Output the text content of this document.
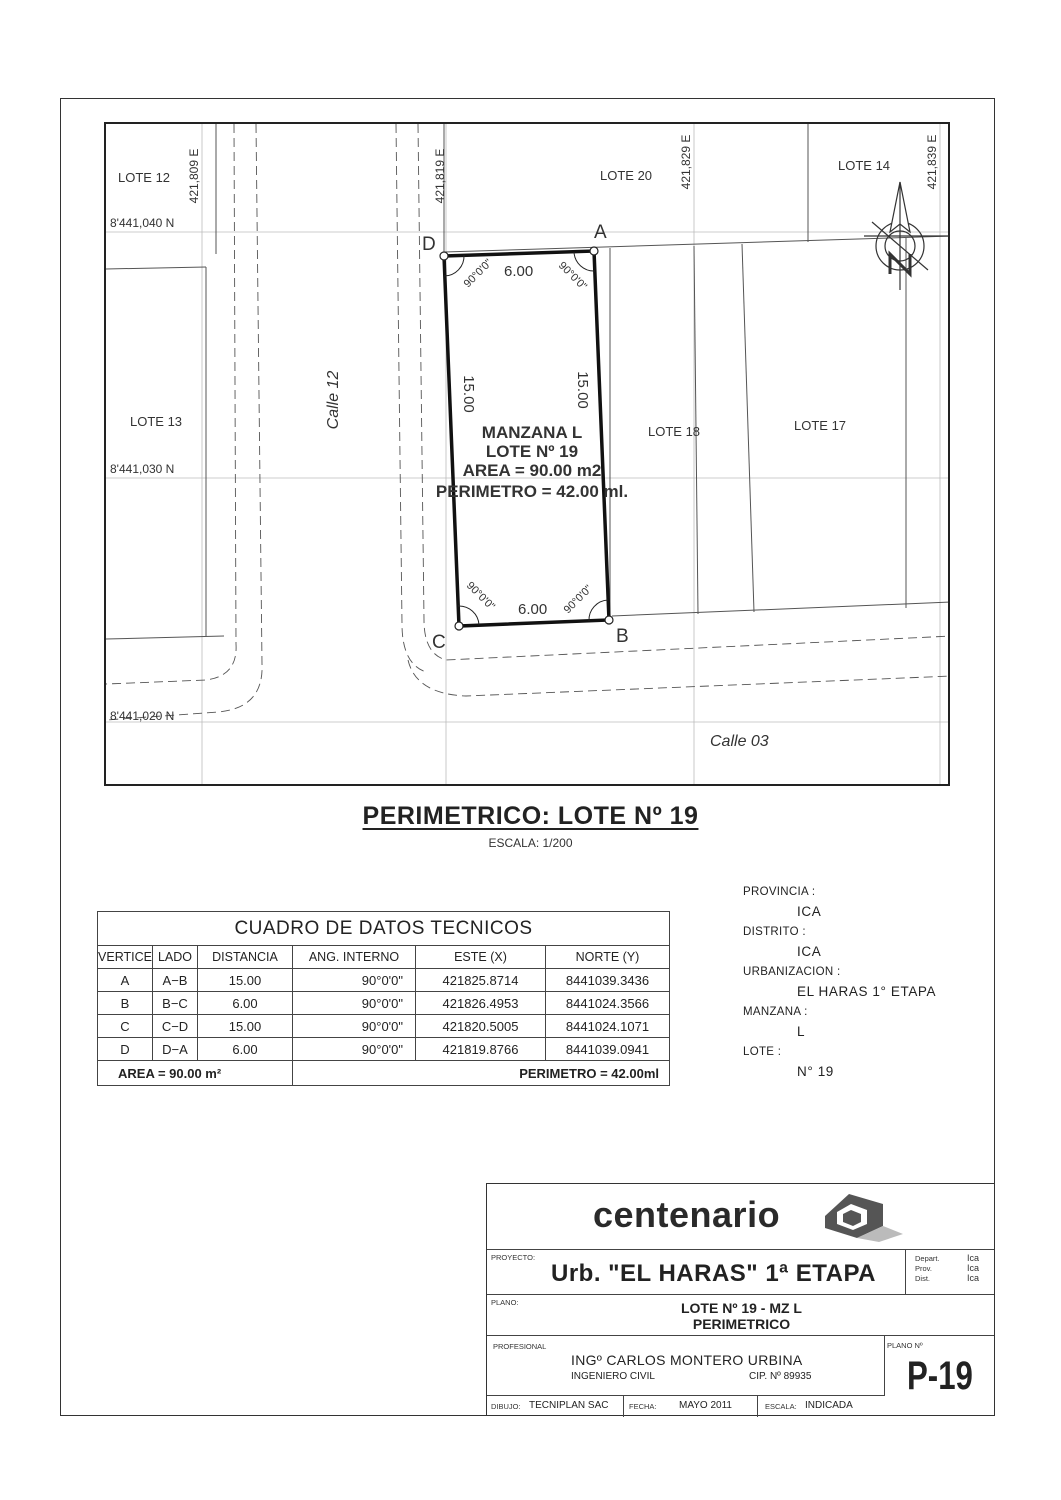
421,809 E	421,819 E	421,829 E	421,839 E
8'441,040 N
8'441,030 N
8'441,020 N
LOTE 12
LOTE 13
LOTE 14
LOTE 17
LOTE 18
LOTE 20
Calle 12
Calle 03
D
A
B
C
6.00
6.00
15.00	15.00
90°0'0"	90°0'0"
90°0'0"
90°0'0"
MANZANA L
LOTE Nº 19
AREA = 90.00 m2
PERIMETRO = 42.00 ml.
PERIMETRICO: LOTE Nº 19
ESCALA: 1/200
CUADRO DE DATOS TECNICOS					
VERTICE	LADO	DISTANCIA	ANG. INTERNO	ESTE (X)	NORTE (Y)
A	A−B	15.00	90°0'0"	421825.8714	8441039.3436
B	B−C	6.00	90°0'0"	421826.4953	8441024.3566
C	C−D	15.00	90°0'0"	421820.5005	8441024.1071
D	D−A	6.00	90°0'0"	421819.8766	8441039.0941
AREA = 90.00 m²			PERIMETRO = 42.00ml		
PROVINCIA :
ICA
DISTRITO :
ICA
URBANIZACION :
EL HARAS 1° ETAPA
MANZANA :
L
LOTE :
N° 19
centenario
PROYECTO:
Urb. "EL HARAS" 1ª ETAPA
Depart.
Prov.
Dist.
Ica
Ica
Ica
PLANO:	LOTE Nº 19 - MZ L
PERIMETRICO
PROFESIONAL
INGº CARLOS MONTERO URBINA
INGENIERO CIVIL	CIP. Nº 89935
PLANO Nº
P-19
DIBUJO: TECNIPLAN SAC	FECHA: MAYO 2011	ESCALA: INDICADA
